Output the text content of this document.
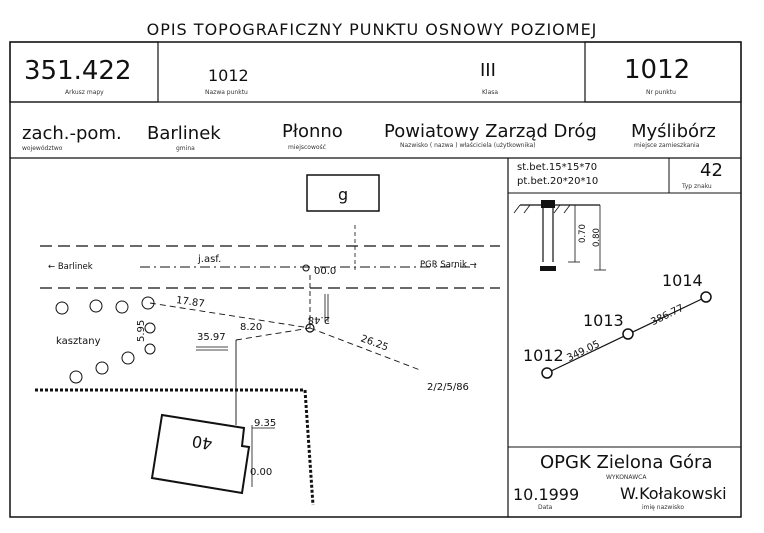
OPIS TOPOGRAFICZNY PUNKTU OSNOWY POZIOMEJ
351.422
Arkusz mapy
1012
Nazwa punktu
III
Klasa
1012
Nr punktu
zach.-pom.
województwo
Barlinek
gmina
Płonno
miejscowość
Powiatowy Zarząd Dróg
Nazwisko ( nazwa ) właściciela (użytkownika)
Myślibórz
miejsce zamieszkania
st.bet.15*15*70
pt.bet.20*20*10
42
Typ znaku
0.70 0.80
g
j.asf.
← Barlinek	PGR Sarnik →
00.0
kasztany
17.87
5.95	35.97
8.20
2.48
26.25
2/2/5/86
40
9.35
0.00
1014
1013
1012
386.77
349.05
OPGK Zielona Góra
WYKONAWCA
10.1999
Data
W.Kołakowski
imię nazwisko
